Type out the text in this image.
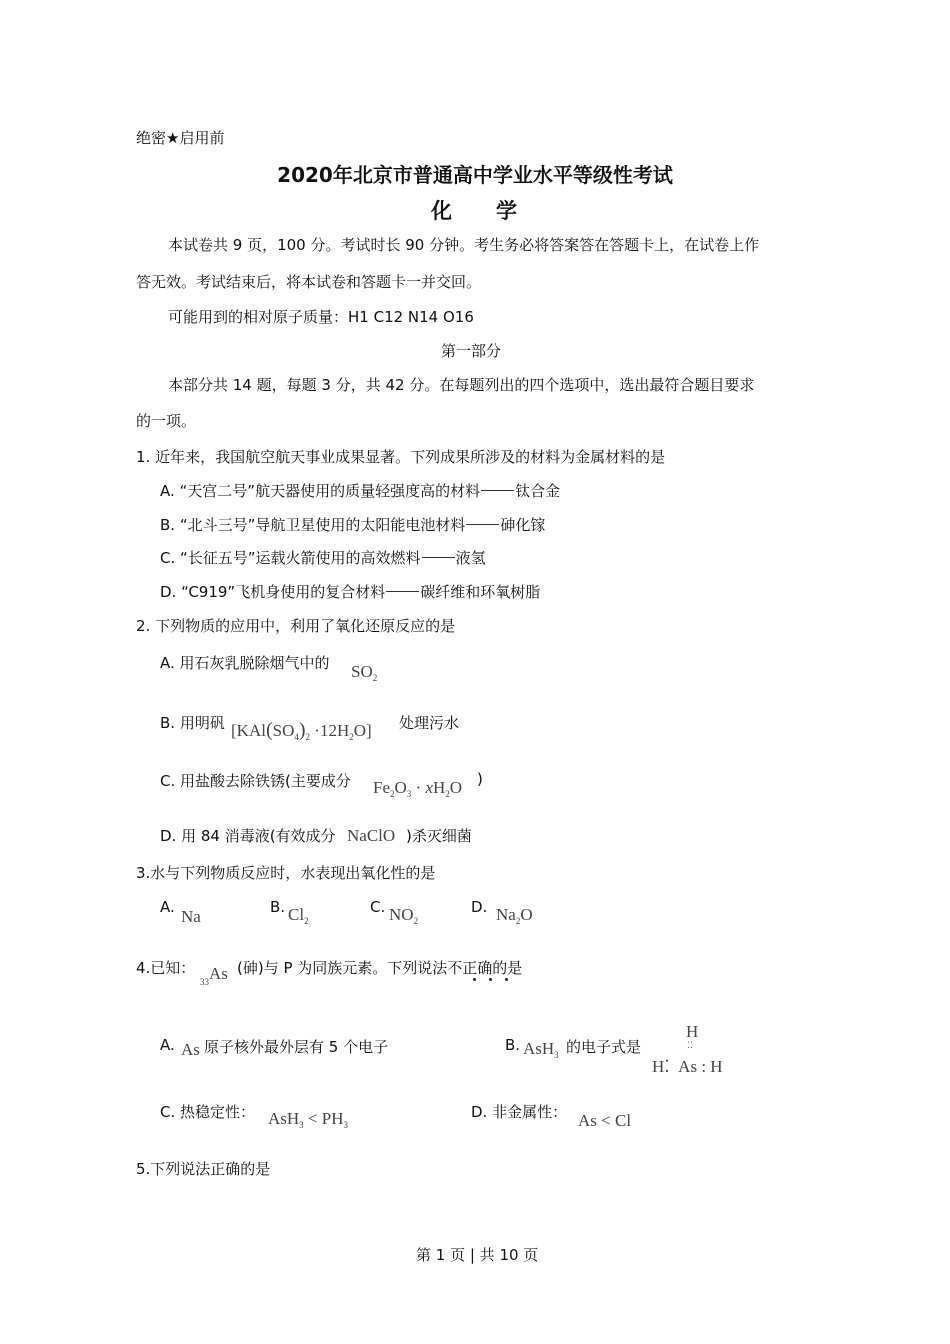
绝密★启用前
2020年北京市普通高中学业水平等级性考试
化 学
本试卷共 9 页，100 分。考试时长 90 分钟。考生务必将答案答在答题卡上，在试卷上作
答无效。考试结束后，将本试卷和答题卡一并交回。
可能用到的相对原子质量：H1 C12 N14 O16
第一部分
本部分共 14 题，每题 3 分，共 42 分。在每题列出的四个选项中，选出最符合题目要求
的一项。
1. 近年来，我国航空航天事业成果显著。下列成果所涉及的材料为金属材料的是
A. “天宫二号”航天器使用的质量轻强度高的材料 钛合金
B. “北斗三号”导航卫星使用的太阳能电池材料 砷化镓
C. “长征五号”运载火箭使用的高效燃料 液氢
D. “C919”飞机身使用的复合材料 碳纤维和环氧树脂
2. 下列物质的应用中，利用了氧化还原反应的是
A. 用石灰乳脱除烟气中的 $SO_2$
B. 用明矾 $[KAl(SO_4)_2 \cdot 12H_2O]$ 处理污水
C. 用盐酸去除铁锈(主要成分 $Fe_2O_3 \cdot xH_2O$ )
D. 用 84 消毒液(有效成分 NaClO )杀灭细菌
3.水与下列物质反应时，水表现出氧化性的是
A. Na	B. $Cl_2$
C. $NO_2$
D. $Na_2O$
4.已知：
$_{33}$As (砷)与 P 为同族元素。下列说法不正确的是
A. As 原子核外最外层有 5 个电子	B. AsH$_3$ 的电子式是
H
⁚⁚
H⁚  As : H
C. 热稳定性： $AsH_3 < PH_3$
D. 非金属性： As < Cl
5.下列说法正确的是
第 1 页 | 共 10 页
